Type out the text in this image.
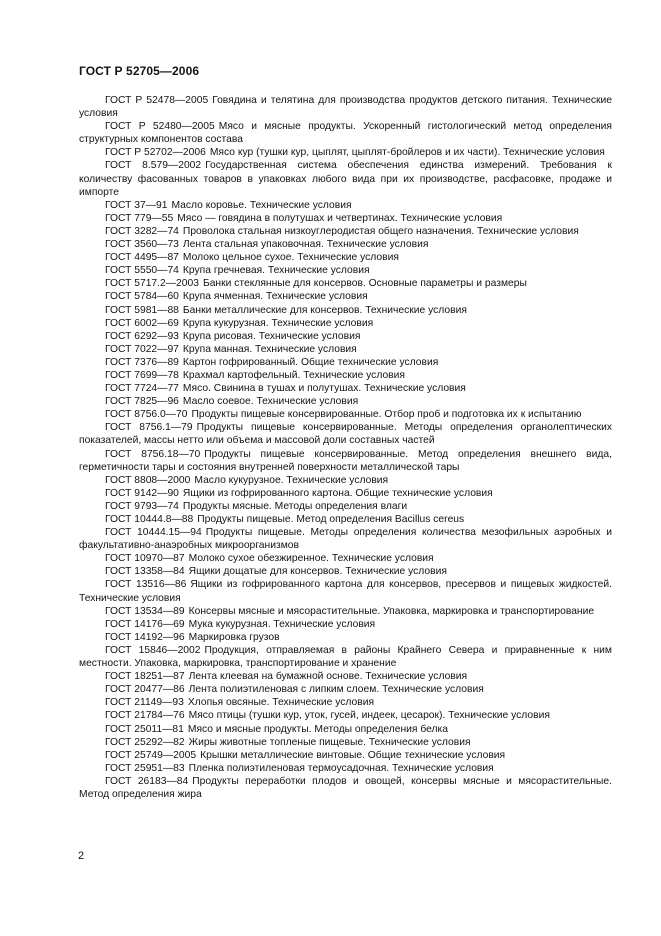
ГОСТ Р 52705—2006

ГОСТ Р 52478—2005 Говядина и телятина для производства продуктов детского питания. Технические условия

ГОСТ Р 52480—2005 Мясо и мясные продукты. Ускоренный гистологический метод определения структурных компонентов состава

ГОСТ Р 52702—2006 Мясо кур (тушки кур, цыплят, цыплят-бройлеров и их части). Технические условия

ГОСТ 8.579—2002 Государственная система обеспечения единства измерений. Требования к количеству фасованных товаров в упаковках любого вида при их производстве, расфасовке, продаже и импорте

ГОСТ 37—91 Масло коровье. Технические условия

ГОСТ 779—55 Мясо — говядина в полутушах и четвертинах. Технические условия

ГОСТ 3282—74 Проволока стальная низкоуглеродистая общего назначения. Технические условия

ГОСТ 3560—73 Лента стальная упаковочная. Технические условия

ГОСТ 4495—87 Молоко цельное сухое. Технические условия

ГОСТ 5550—74 Крупа гречневая. Технические условия

ГОСТ 5717.2—2003 Банки стеклянные для консервов. Основные параметры и размеры

ГОСТ 5784—60 Крупа ячменная. Технические условия

ГОСТ 5981—88 Банки металлические для консервов. Технические условия

ГОСТ 6002—69 Крупа кукурузная. Технические условия

ГОСТ 6292—93 Крупа рисовая. Технические условия

ГОСТ 7022—97 Крупа манная. Технические условия

ГОСТ 7376—89 Картон гофрированный. Общие технические условия

ГОСТ 7699—78 Крахмал картофельный. Технические условия

ГОСТ 7724—77 Мясо. Свинина в тушах и полутушах. Технические условия

ГОСТ 7825—96 Масло соевое. Технические условия

ГОСТ 8756.0—70 Продукты пищевые консервированные. Отбор проб и подготовка их к испытанию

ГОСТ 8756.1—79 Продукты пищевые консервированные. Методы определения органолептических показателей, массы нетто или объема и массовой доли составных частей

ГОСТ 8756.18—70 Продукты пищевые консервированные. Метод определения внешнего вида, герметичности тары и состояния внутренней поверхности металлической тары

ГОСТ 8808—2000 Масло кукурузное. Технические условия

ГОСТ 9142—90 Ящики из гофрированного картона. Общие технические условия

ГОСТ 9793—74 Продукты мясные. Методы определения влаги

ГОСТ 10444.8—88 Продукты пищевые. Метод определения Bacillus cereus

ГОСТ 10444.15—94 Продукты пищевые. Методы определения количества мезофильных аэробных и факультативно-анаэробных микроорганизмов

ГОСТ 10970—87 Молоко сухое обезжиренное. Технические условия

ГОСТ 13358—84 Ящики дощатые для консервов. Технические условия

ГОСТ 13516—86 Ящики из гофрированного картона для консервов, пресервов и пищевых жидкостей. Технические условия

ГОСТ 13534—89 Консервы мясные и мясорастительные. Упаковка, маркировка и транспортирование

ГОСТ 14176—69 Мука кукурузная. Технические условия

ГОСТ 14192—96 Маркировка грузов

ГОСТ 15846—2002 Продукция, отправляемая в районы Крайнего Севера и приравненные к ним местности. Упаковка, маркировка, транспортирование и хранение

ГОСТ 18251—87 Лента клеевая на бумажной основе. Технические условия

ГОСТ 20477—86 Лента полиэтиленовая с липким слоем. Технические условия

ГОСТ 21149—93 Хлопья овсяные. Технические условия

ГОСТ 21784—76 Мясо птицы (тушки кур, уток, гусей, индеек, цесарок). Технические условия

ГОСТ 25011—81 Мясо и мясные продукты. Методы определения белка

ГОСТ 25292—82 Жиры животные топленые пищевые. Технические условия

ГОСТ 25749—2005 Крышки металлические винтовые. Общие технические условия

ГОСТ 25951—83 Пленка полиэтиленовая термоусадочная. Технические условия

ГОСТ 26183—84 Продукты переработки плодов и овощей, консервы мясные и мясорастительные. Метод определения жира

2
